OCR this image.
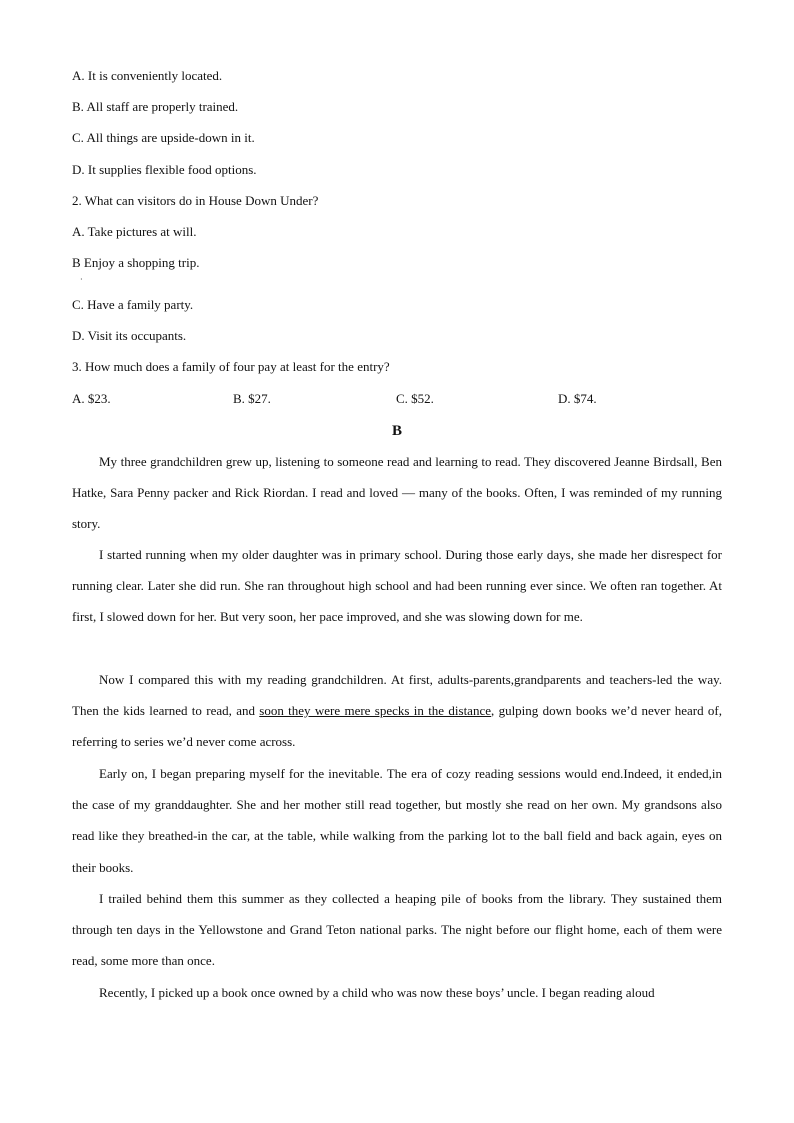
A. It is conveniently located.

B. All staff are properly trained.

C. All things are upside-down in it.

D. It supplies flexible food options.

2. What can visitors do in House Down Under?

A. Take pictures at will.

B Enjoy a shopping trip.

·

C. Have a family party.

D. Visit its occupants.

3. How much does a family of four pay at least for the entry?

A. $23.	B. $27.	C. $52.	D. $74.

B

My three grandchildren grew up, listening to someone read and learning to read. They discovered Jeanne Birdsall, Ben Hatke, Sara Penny packer and Rick Riordan. I read and loved — many of the books. Often, I was reminded of my running story.

I started running when my older daughter was in primary school. During those early days, she made her disrespect for running clear. Later she did run. She ran throughout high school and had been running ever since. We often ran together. At first, I slowed down for her. But very soon, her pace improved, and she was slowing down for me.

Now I compared this with my reading grandchildren. At first, adults-parents,grandparents and teachers-led the way. Then the kids learned to read, and soon they were mere specks in the distance, gulping down books we’d never heard of, referring to series we’d never come across.

Early on, I began preparing myself for the inevitable. The era of cozy reading sessions would end.Indeed, it ended,in the case of my granddaughter. She and her mother still read together, but mostly she read on her own. My grandsons also read like they breathed-in the car, at the table, while walking from the parking lot to the ball field and back again, eyes on their books.

I trailed behind them this summer as they collected a heaping pile of books from the library. They sustained them through ten days in the Yellowstone and Grand Teton national parks. The night before our flight home, each of them were read, some more than once.

Recently, I picked up a book once owned by a child who was now these boys’ uncle. I began reading aloud
